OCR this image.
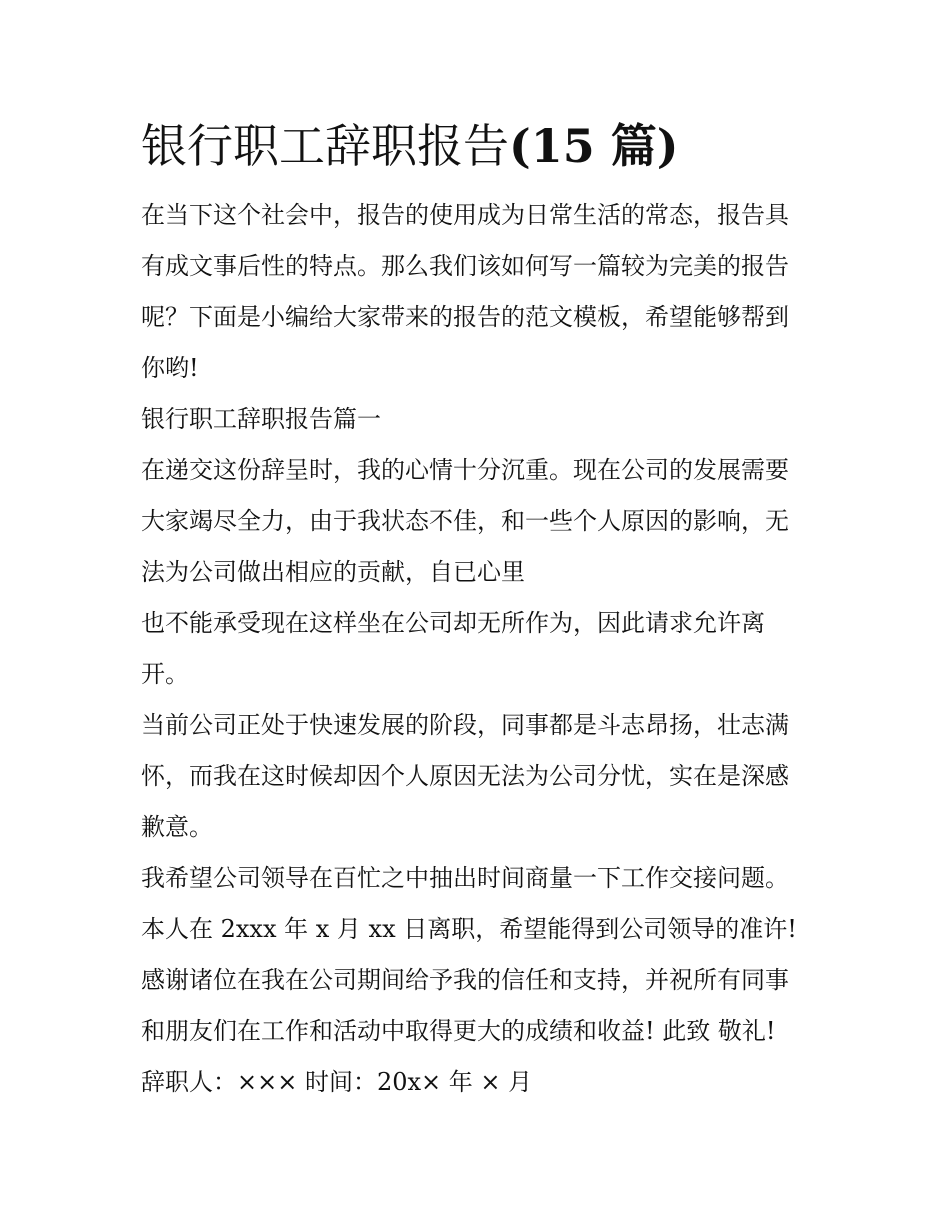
银行职工辞职报告(15 篇)

在当下这个社会中，报告的使用成为日常生活的常态，报告具

有成文事后性的特点。那么我们该如何写一篇较为完美的报告

呢？下面是小编给大家带来的报告的范文模板，希望能够帮到

你哟!

银行职工辞职报告篇一

在递交这份辞呈时，我的心情十分沉重。现在公司的发展需要

大家竭尽全力，由于我状态不佳，和一些个人原因的影响，无

法为公司做出相应的贡献，自已心里

也不能承受现在这样坐在公司却无所作为，因此请求允许离

开。

当前公司正处于快速发展的阶段，同事都是斗志昂扬，壮志满

怀，而我在这时候却因个人原因无法为公司分忧，实在是深感

歉意。

我希望公司领导在百忙之中抽出时间商量一下工作交接问题。

本人在 2xxx 年 x 月 xx 日离职，希望能得到公司领导的准许!

感谢诸位在我在公司期间给予我的信任和支持，并祝所有同事

和朋友们在工作和活动中取得更大的成绩和收益! 此致 敬礼!

辞职人：××× 时间：20x× 年 × 月
